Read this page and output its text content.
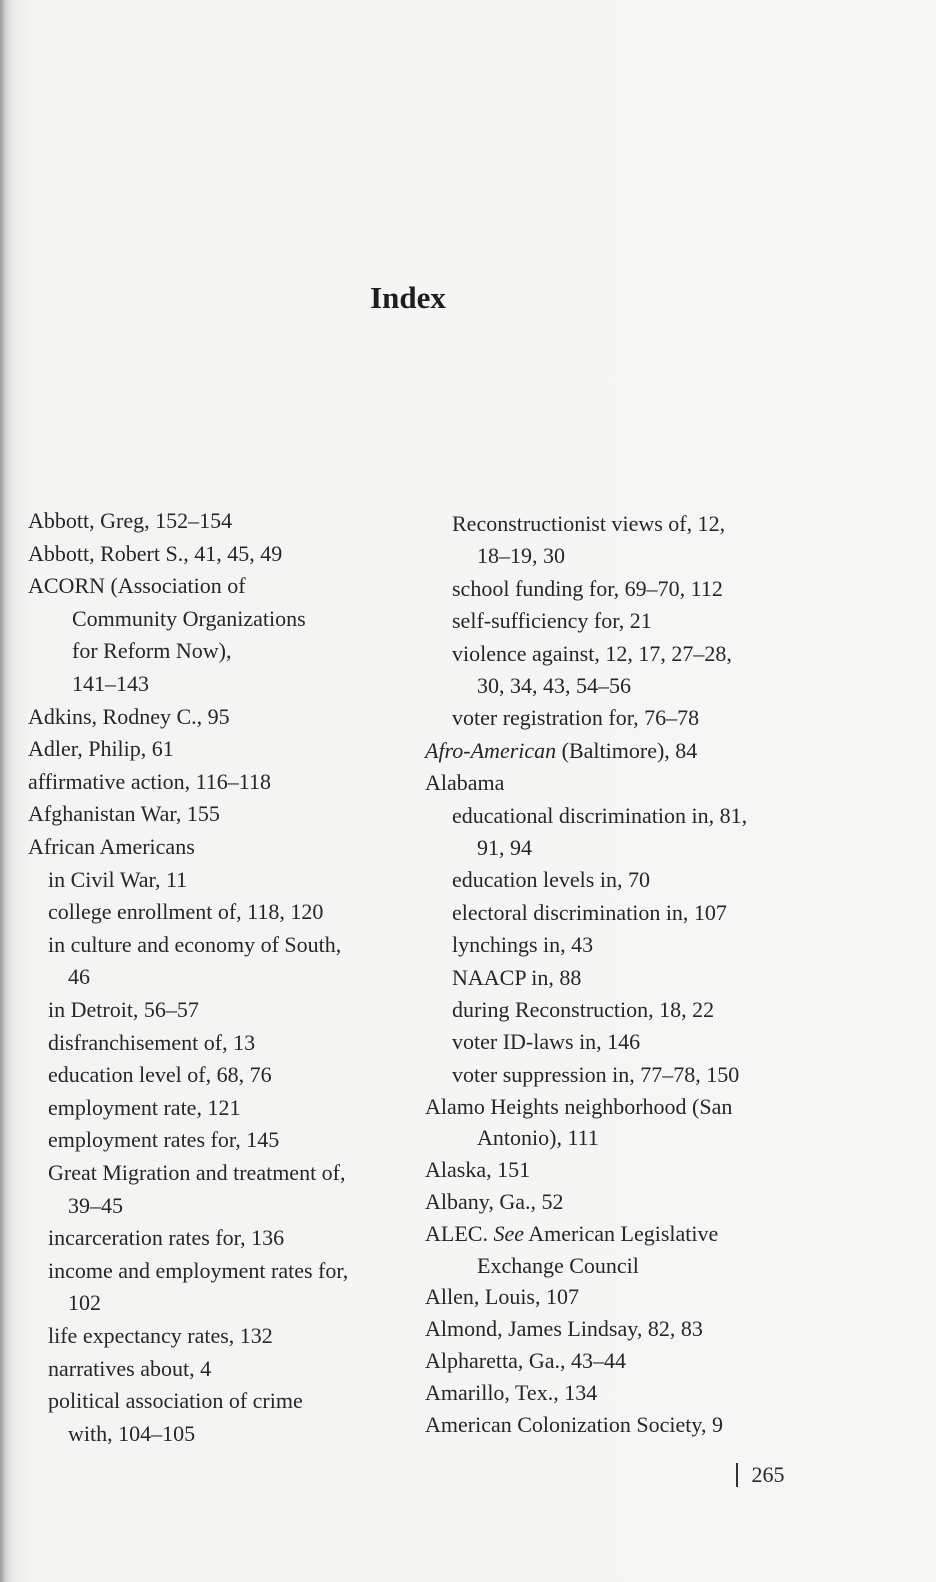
Index
Abbott, Greg, 152–154
Abbott, Robert S., 41, 45, 49
ACORN (Association of
Community Organizations
for Reform Now),
141–143
Adkins, Rodney C., 95
Adler, Philip, 61
affirmative action, 116–118
Afghanistan War, 155
African Americans
in Civil War, 11
college enrollment of, 118, 120
in culture and economy of South,
46
in Detroit, 56–57
disfranchisement of, 13
education level of, 68, 76
employment rate, 121
employment rates for, 145
Great Migration and treatment of,
39–45
incarceration rates for, 136
income and employment rates for,
102
life expectancy rates, 132
narratives about, 4
political association of crime
with, 104–105
Reconstructionist views of, 12,
18–19, 30
school funding for, 69–70, 112
self-sufficiency for, 21
violence against, 12, 17, 27–28,
30, 34, 43, 54–56
voter registration for, 76–78
Afro-American (Baltimore), 84
Alabama
educational discrimination in, 81,
91, 94
education levels in, 70
electoral discrimination in, 107
lynchings in, 43
NAACP in, 88
during Reconstruction, 18, 22
voter ID-laws in, 146
voter suppression in, 77–78, 150
Alamo Heights neighborhood (San
Antonio), 111
Alaska, 151
Albany, Ga., 52
ALEC. See American Legislative
Exchange Council
Allen, Louis, 107
Almond, James Lindsay, 82, 83
Alpharetta, Ga., 43–44
Amarillo, Tex., 134
American Colonization Society, 9
265
